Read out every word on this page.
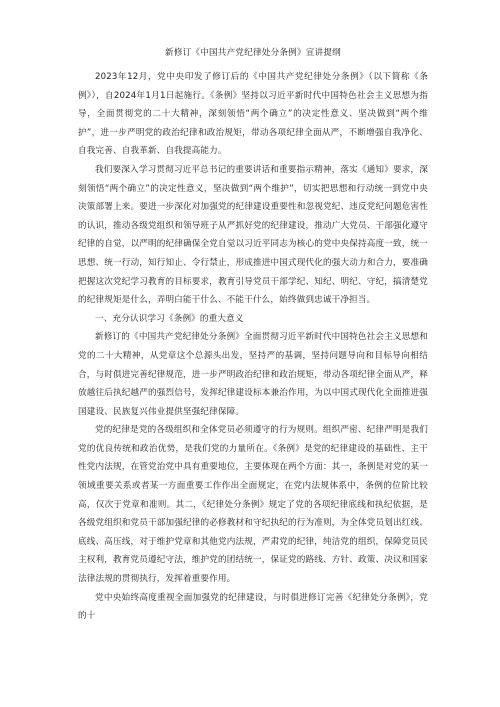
新修订《中国共产党纪律处分条例》宣讲提纲

2023年12月，党中央印发了修订后的《中国共产党纪律处分条例》（以下简称《条例》），自2024年1月1日起施行。《条例》坚持以习近平新时代中国特色社会主义思想为指导，全面贯彻党的二十大精神，深刻领悟“两个确立”的决定性意义、坚决做到“两个维护”，进一步严明党的政治纪律和政治规矩，带动各项纪律全面从严，不断增强自我净化、自我完善、自我革新、自我提高能力。

我们要深入学习贯彻习近平总书记的重要讲话和重要指示精神，落实《通知》要求，深刻领悟“两个确立”的决定性意义，坚决做到“两个维护”，切实把思想和行动统一到党中央决策部署上来。要进一步深化对加强党的纪律建设重要性和忽视党纪、违反党纪问题危害性的认识，推动各级党组织和领导班子从严抓好党的纪律建设，推动广大党员、干部强化遵守纪律的自觉，以严明的纪律确保全党自觉以习近平同志为核心的党中央保持高度一致，统一思想、统一行动，知行知止、令行禁止，形成推进中国式现代化的强大动力和合力，要准确把握这次党纪学习教育的目标要求，教育引导党员干部学纪、知纪、明纪、守纪，搞清楚党的纪律规矩是什么，弄明白能干什么、不能干什么，始终做到忠诚干净担当。

一、充分认识学习《条例》的重大意义

新修订的《中国共产党纪律处分条例》全面贯彻习近平新时代中国特色社会主义思想和党的二十大精神，从党章这个总源头出发，坚持严的基调，坚持问题导向和目标导向相结合，与时俱进完善纪律规范，进一步严明政治纪律和政治规矩，带动各项纪律全面从严，释放越往后执纪越严的强烈信号，发挥纪律建设标本兼治作用，为以中国式现代化全面推进强国建设、民族复兴伟业提供坚强纪律保障。

党的纪律是党的各级组织和全体党员必须遵守的行为规则。组织严密、纪律严明是我们党的优良传统和政治优势，是我们党的力量所在。《条例》是党的纪律建设的基础性、主干性党内法规，在管党治党中具有重要地位，主要体现在两个方面：其一，条例是对党的某一领域重要关系或者某一方面重要工作作出全面规定，在党内法规体系中，条例的位阶比较高，仅次于党章和准则。其二，《纪律处分条例》规定了党的各项纪律底线和执纪依据，是各级党组织和党员干部加强纪律的必修教材和守纪执纪的行为准则，为全体党员划出红线、底线、高压线，对于维护党章和其他党内法规，严肃党的纪律，纯洁党的组织，保障党员民主权利，教育党员遵纪守法，维护党的团结统一，保证党的路线、方针、政策、决议和国家法律法规的贯彻执行，发挥着重要作用。

党中央始终高度重视全面加强党的纪律建设，与时俱进修订完善《纪律处分条例》，党的十
